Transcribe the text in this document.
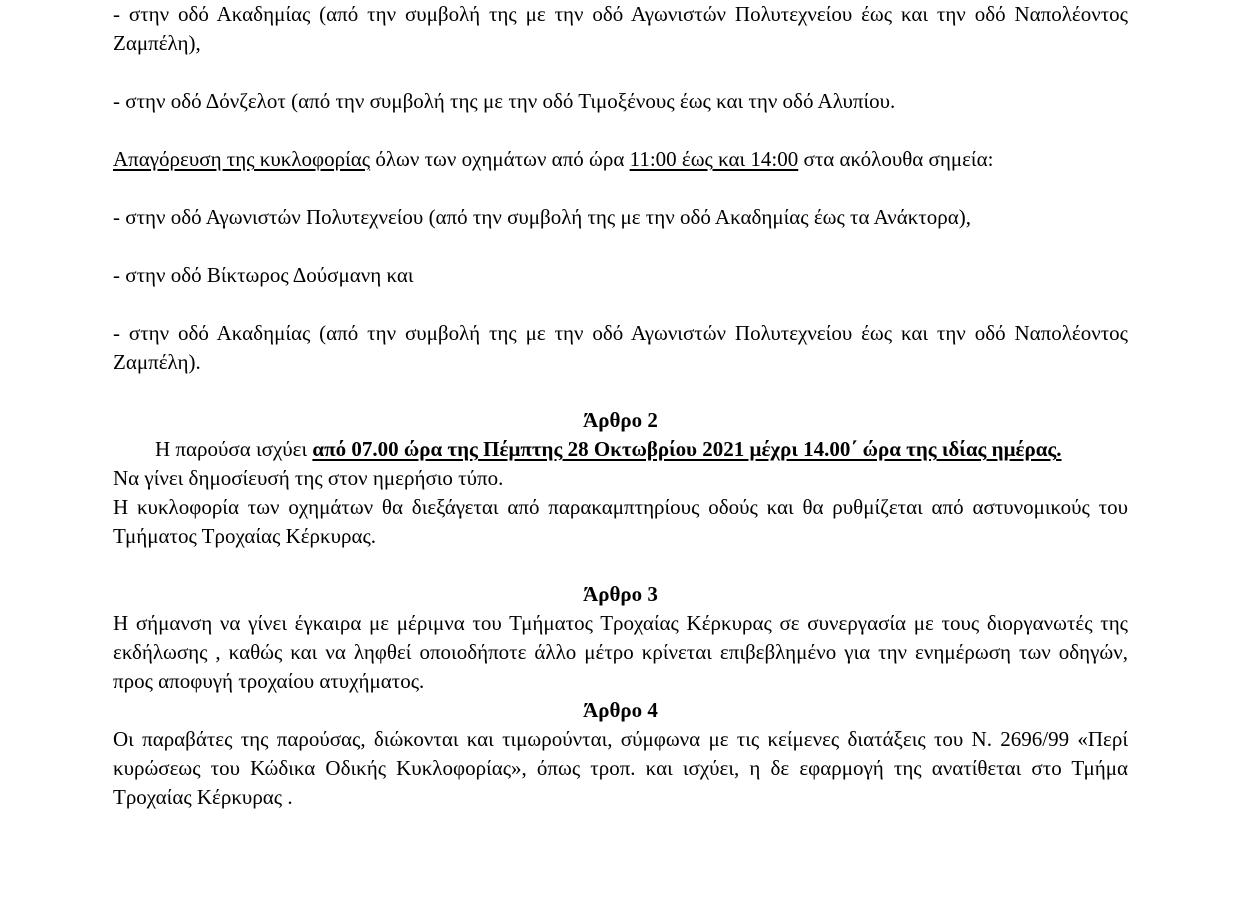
- στην οδό Ακαδημίας (από την συμβολή της με την οδό Αγωνιστών Πολυτεχνείου έως και την οδό Ναπολέοντος Ζαμπέλη),

- στην οδό Δόνζελοτ (από την συμβολή της με την οδό Τιμοξένους έως και την οδό Αλυπίου.

Απαγόρευση της κυκλοφορίας όλων των οχημάτων από ώρα 11:00 έως και 14:00 στα ακόλουθα σημεία:

- στην οδό Αγωνιστών Πολυτεχνείου (από την συμβολή της με την οδό Ακαδημίας έως τα Ανάκτορα),

- στην οδό Βίκτωρος Δούσμανη και

- στην οδό Ακαδημίας (από την συμβολή της με την οδό Αγωνιστών Πολυτεχνείου έως και την οδό Ναπολέοντος Ζαμπέλη).

Άρθρο 2

Η παρούσα ισχύει από 07.00 ώρα της Πέμπτης 28 Οκτωβρίου 2021 μέχρι 14.00΄ ώρα της ιδίας ημέρας.

Να γίνει δημοσίευσή της στον ημερήσιο τύπο.

Η κυκλοφορία των οχημάτων θα διεξάγεται από παρακαμπτηρίους οδούς και θα ρυθμίζεται από αστυνομικούς του Τμήματος Τροχαίας Κέρκυρας.

Άρθρο 3

Η σήμανση να γίνει έγκαιρα με μέριμνα του Τμήματος Τροχαίας Κέρκυρας σε συνεργασία με τους διοργανωτές της εκδήλωσης , καθώς και να ληφθεί οποιοδήποτε άλλο μέτρο κρίνεται επιβεβλημένο για την ενημέρωση των οδηγών, προς αποφυγή τροχαίου ατυχήματος.

Άρθρο 4

Οι παραβάτες της παρούσας, διώκονται και τιμωρούνται, σύμφωνα με τις κείμενες διατάξεις του Ν. 2696/99 «Περί κυρώσεως του Κώδικα Οδικής Κυκλοφορίας», όπως τροπ. και ισχύει, η δε εφαρμογή της ανατίθεται στο Τμήμα Τροχαίας Κέρκυρας .
